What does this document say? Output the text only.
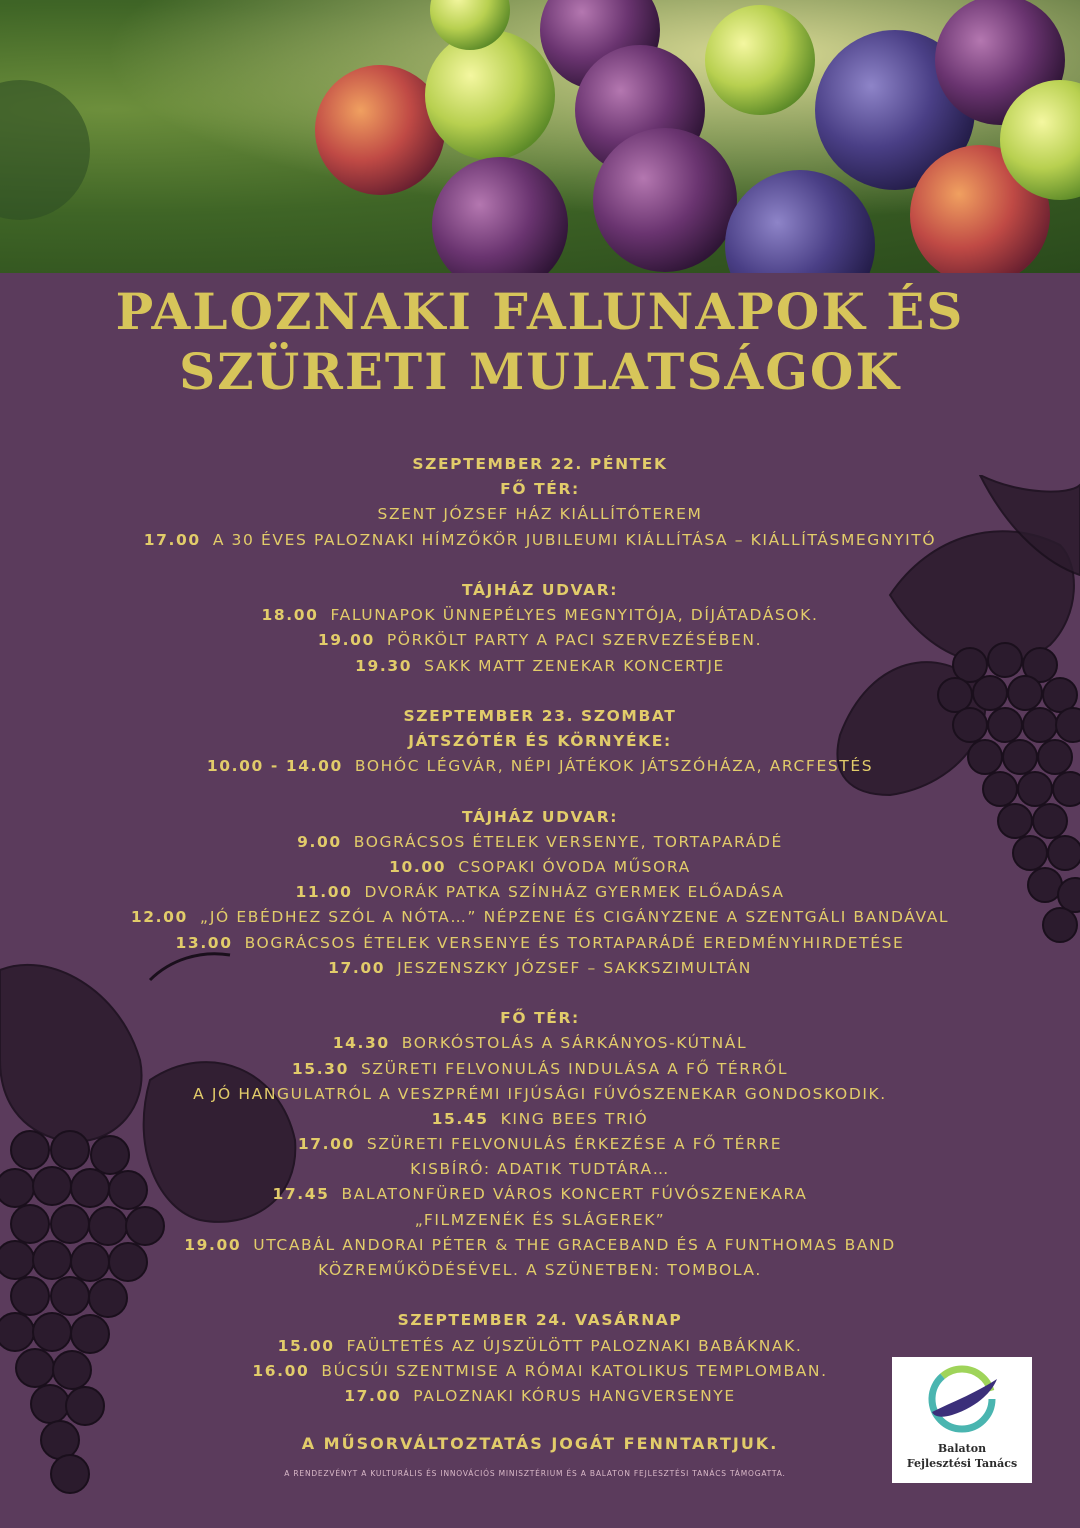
PALOZNAKI FALUNAPOK ÉS
SZÜRETI MULATSÁGOK
SZEPTEMBER 22. PÉNTEK
FŐ TÉR:
SZENT JÓZSEF HÁZ KIÁLLÍTÓTEREM
17.00 A 30 ÉVES PALOZNAKI HÍMZŐKÖR JUBILEUMI KIÁLLÍTÁSA – KIÁLLÍTÁSMEGNYITÓ
TÁJHÁZ UDVAR:
18.00 FALUNAPOK ÜNNEPÉLYES MEGNYITÓJA, DÍJÁTADÁSOK.
19.00 PÖRKÖLT PARTY A PACI SZERVEZÉSÉBEN.
19.30 SAKK MATT ZENEKAR KONCERTJE
SZEPTEMBER 23. SZOMBAT
JÁTSZÓTÉR ÉS KÖRNYÉKE:
10.00 - 14.00 BOHÓC LÉGVÁR, NÉPI JÁTÉKOK JÁTSZÓHÁZA, ARCFESTÉS
TÁJHÁZ UDVAR:
9.00 BOGRÁCSOS ÉTELEK VERSENYE, TORTAPARÁDÉ
10.00 CSOPAKI ÓVODA MŰSORA
11.00 DVORÁK PATKA SZÍNHÁZ GYERMEK ELŐADÁSA
12.00 „JÓ EBÉDHEZ SZÓL A NÓTA…” NÉPZENE ÉS CIGÁNYZENE A SZENTGÁLI BANDÁVAL
13.00 BOGRÁCSOS ÉTELEK VERSENYE ÉS TORTAPARÁDÉ EREDMÉNYHIRDETÉSE
17.00 JESZENSZKY JÓZSEF – SAKKSZIMULTÁN
FŐ TÉR:
14.30 BORKÓSTOLÁS A SÁRKÁNYOS-KÚTNÁL
15.30 SZÜRETI FELVONULÁS INDULÁSA A FŐ TÉRRŐL
A JÓ HANGULATRÓL A VESZPRÉMI IFJÚSÁGI FÚVÓSZENEKAR GONDOSKODIK.
15.45 KING BEES TRIÓ
17.00 SZÜRETI FELVONULÁS ÉRKEZÉSE A FŐ TÉRRE
KISBÍRÓ: ADATIK TUDTÁRA…
17.45 BALATONFÜRED VÁROS KONCERT FÚVÓSZENEKARA
„FILMZENÉK ÉS SLÁGEREK”
19.00 UTCABÁL ANDORAI PÉTER & THE GRACEBAND ÉS A FUNTHOMAS BAND
KÖZREMŰKÖDÉSÉVEL. A SZÜNETBEN: TOMBOLA.
SZEPTEMBER 24. VASÁRNAP
15.00 FAÜLTETÉS AZ ÚJSZÜLÖTT PALOZNAKI BABÁKNAK.
16.00 BÚCSÚI SZENTMISE A RÓMAI KATOLIKUS TEMPLOMBAN.
17.00 PALOZNAKI KÓRUS HANGVERSENYE
A MŰSORVÁLTOZTATÁS JOGÁT FENNTARTJUK.
A RENDEZVÉNYT A KULTURÁLIS ÉS INNOVÁCIÓS MINISZTÉRIUM ÉS A BALATON FEJLESZTÉSI TANÁCS TÁMOGATTA.
Balaton
Fejlesztési Tanács
